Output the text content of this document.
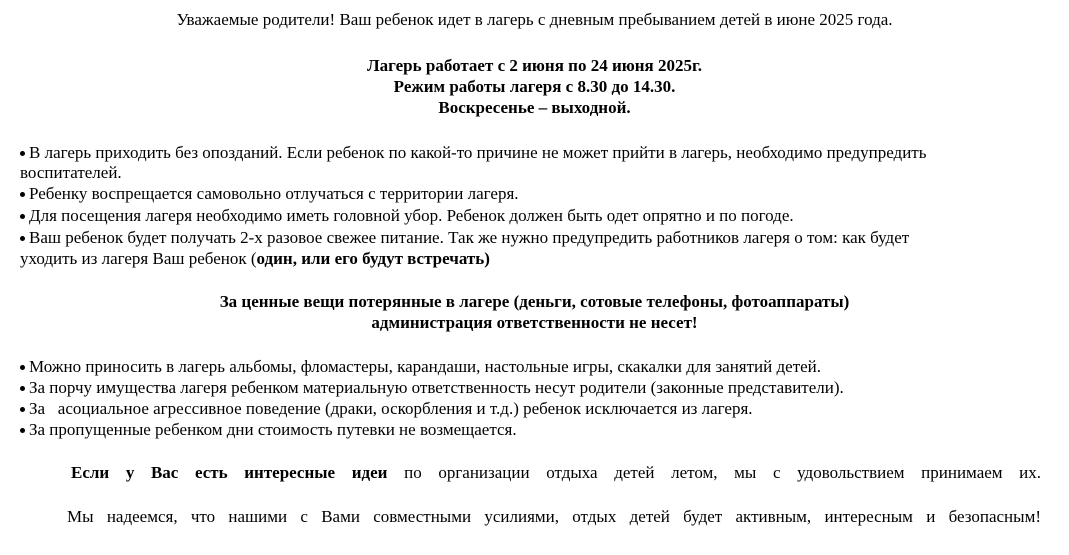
Уважаемые родители! Ваш ребенок идет в лагерь с дневным пребыванием детей в июне 2025 года.
Лагерь работает с 2 июня по 24 июня 2025г.
Режим работы лагеря с 8.30 до 14.30.
Воскресенье – выходной.
В лагерь приходить без опозданий. Если ребенок по какой-то причине не может прийти в лагерь, необходимо предупредить
воспитателей.
Ребенку воспрещается самовольно отлучаться с территории лагеря.
Для посещения лагеря необходимо иметь головной убор. Ребенок должен быть одет опрятно и по погоде.
Ваш ребенок будет получать 2-х разовое свежее питание. Так же нужно предупредить работников лагеря о том: как будет
уходить из лагеря Ваш ребенок (один, или его будут встречать)
За ценные вещи потерянные в лагере (деньги, сотовые телефоны, фотоаппараты)
администрация ответственности не несет!
Можно приносить в лагерь альбомы, фломастеры, карандаши, настольные игры, скакалки для занятий детей.
За порчу имущества лагеря ребенком материальную ответственность несут родители (законные представители).
За   асоциальное агрессивное поведение (драки, оскорбления и т.д.) ребенок исключается из лагеря.
За пропущенные ребенком дни стоимость путевки не возмещается.
Если у Вас есть интересные идеи по организации отдыха детей летом, мы с удовольствием принимаем их.
Мы надеемся, что нашими с Вами совместными усилиями, отдых детей будет активным, интересным и безопасным!
